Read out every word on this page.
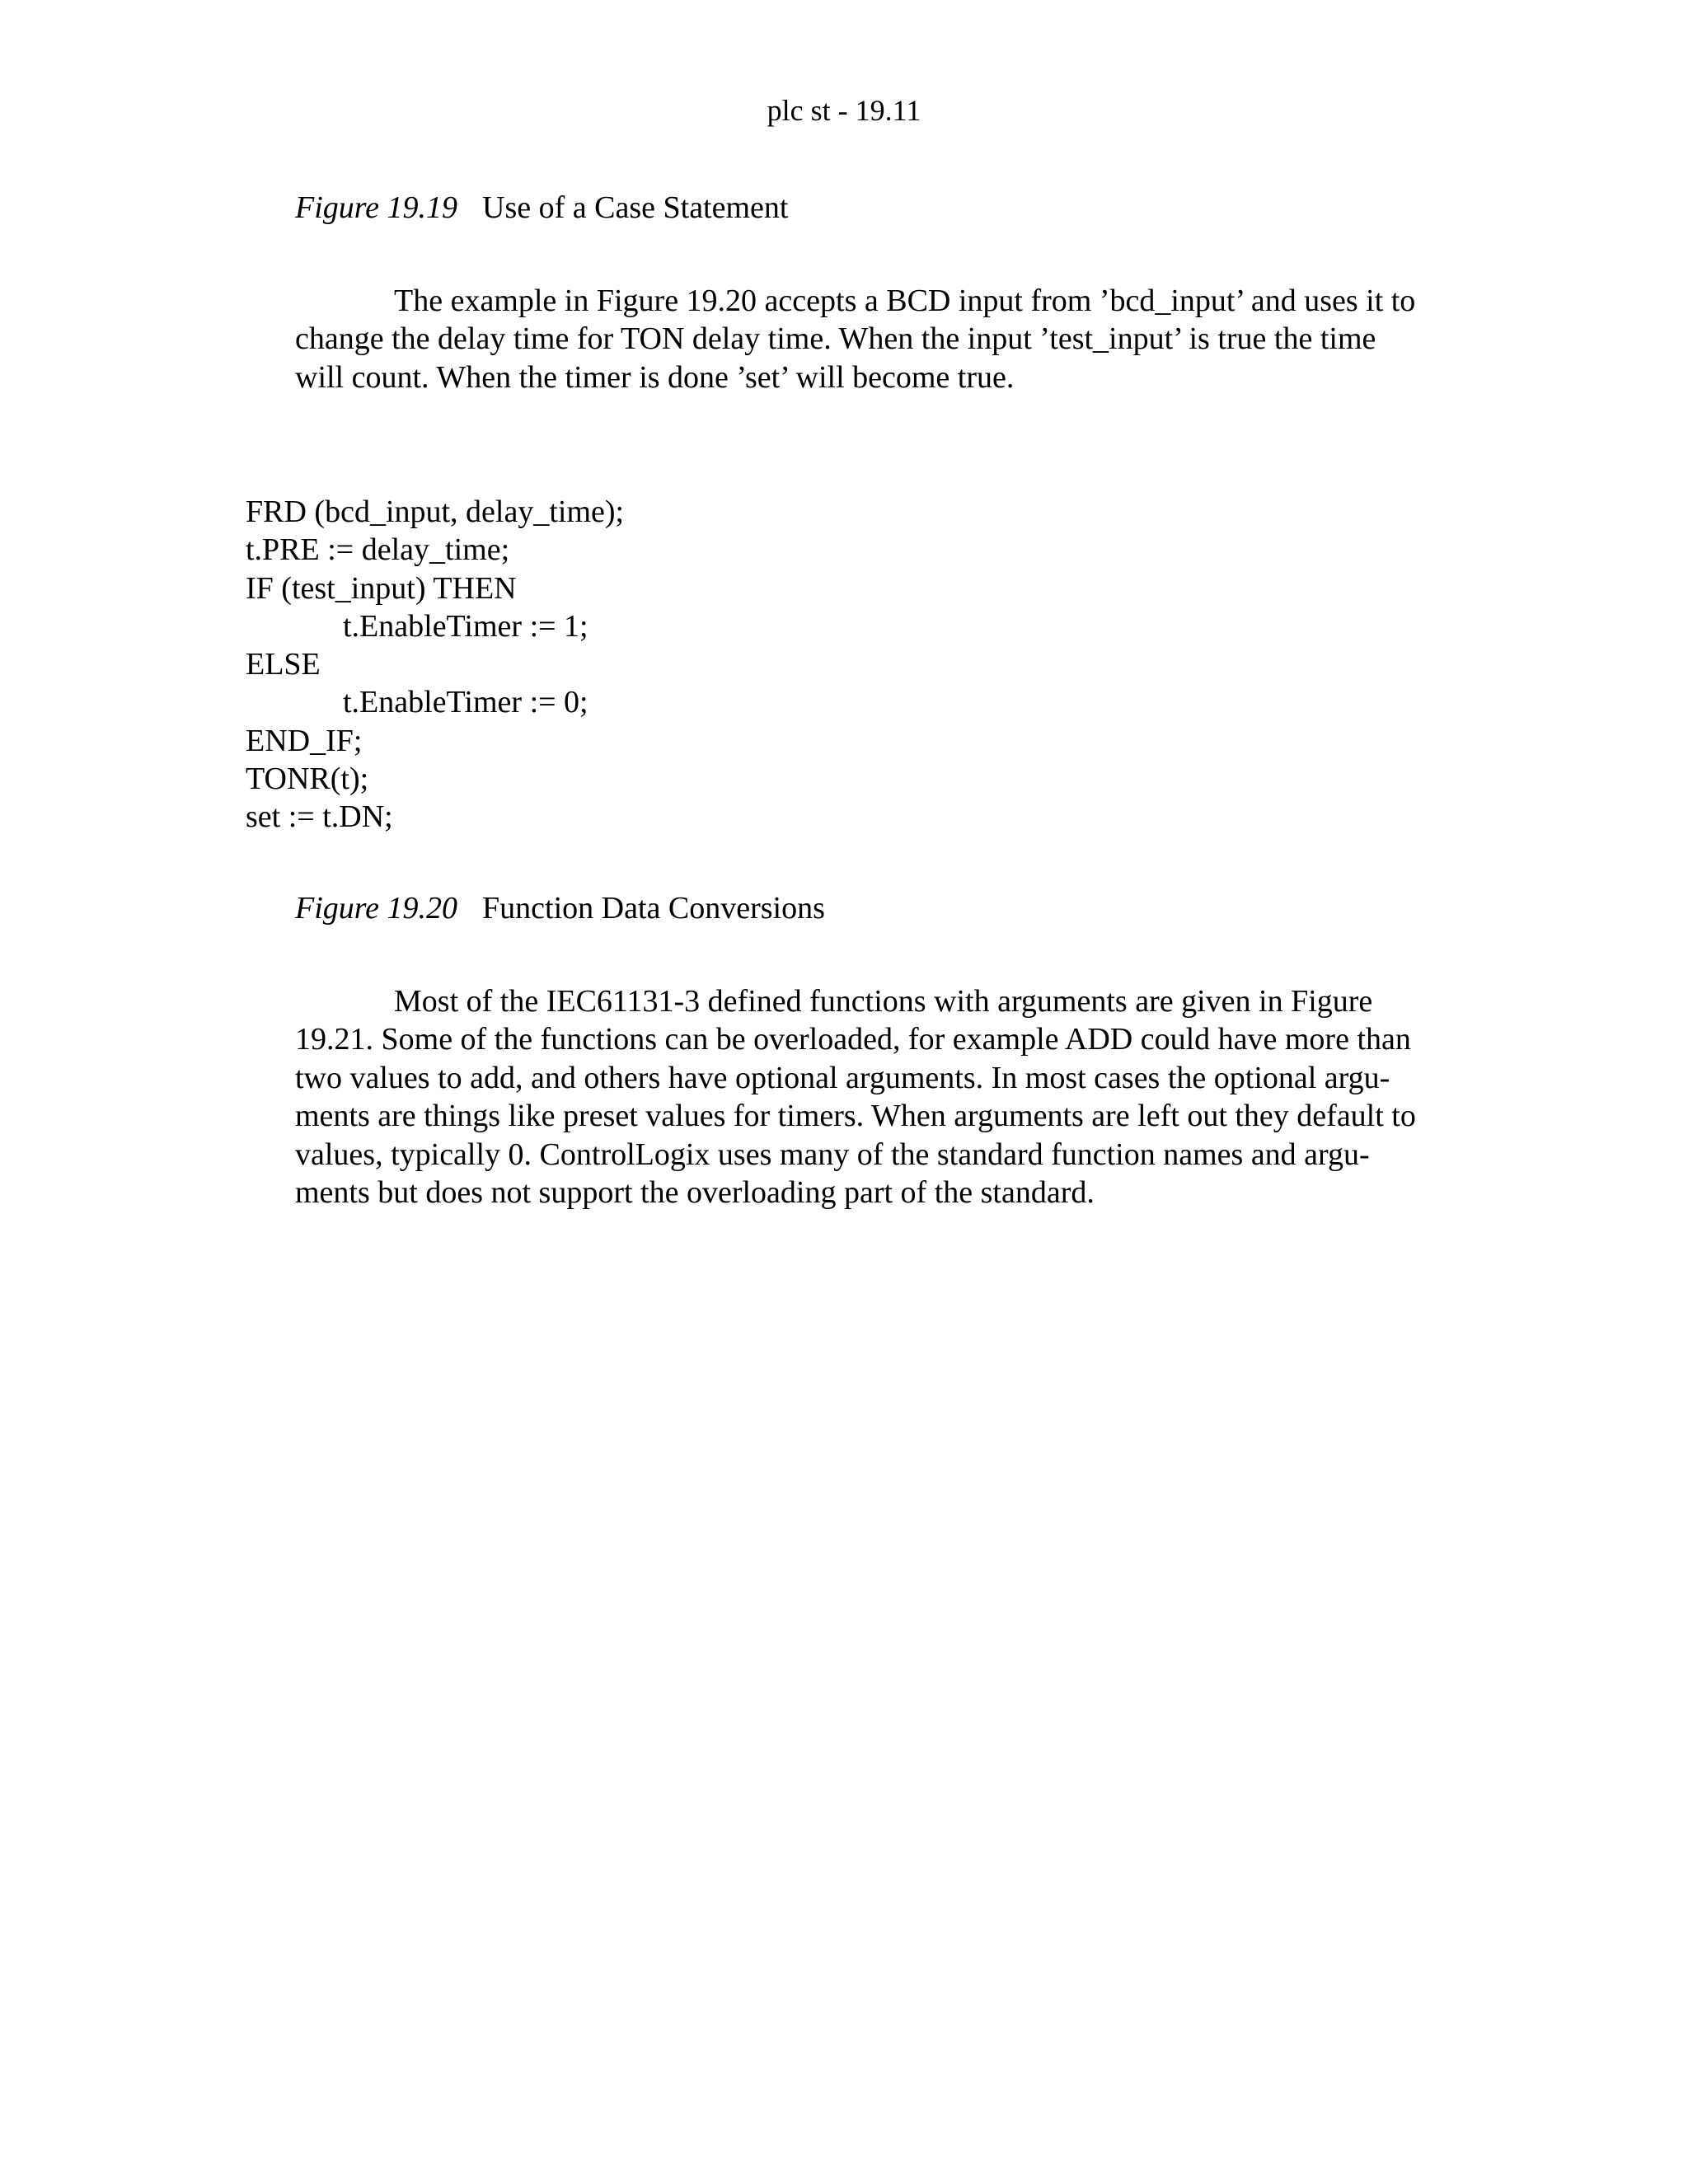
plc st - 19.11
Figure 19.19 Use of a Case Statement
The example in Figure 19.20 accepts a BCD input from ’bcd_input’ and uses it to
change the delay time for TON delay time. When the input ’test_input’ is true the time
will count. When the timer is done ’set’ will become true.
FRD (bcd_input, delay_time);
t.PRE := delay_time;
IF (test_input) THEN
t.EnableTimer := 1;
ELSE
t.EnableTimer := 0;
END_IF;
TONR(t);
set := t.DN;
Figure 19.20 Function Data Conversions
Most of the IEC61131-3 defined functions with arguments are given in Figure
19.21. Some of the functions can be overloaded, for example ADD could have more than
two values to add, and others have optional arguments. In most cases the optional argu-
ments are things like preset values for timers. When arguments are left out they default to
values, typically 0. ControlLogix uses many of the standard function names and argu-
ments but does not support the overloading part of the standard.
